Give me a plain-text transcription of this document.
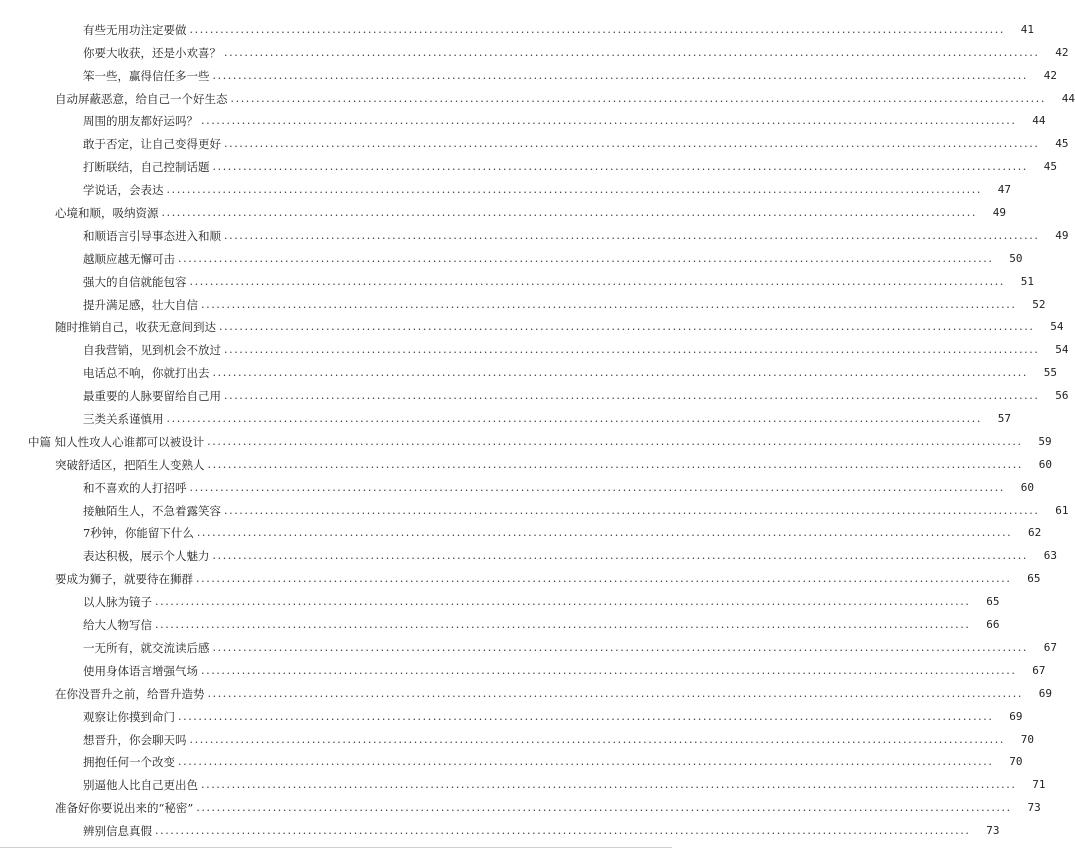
有些无用功注定要做 ................................................................................................................................................................	41
你要大收获，还是小欢喜？ ................................................................................................................................................................	42
笨一些，赢得信任多一些 ................................................................................................................................................................	42
自动屏蔽恶意，给自己一个好生态 ................................................................................................................................................................	44
周围的朋友都好运吗？ ................................................................................................................................................................	44
敢于否定，让自己变得更好 ................................................................................................................................................................	45
打断联结，自己控制话题 ................................................................................................................................................................	45
学说话，会表达 ................................................................................................................................................................	47
心境和顺，吸纳资源 ................................................................................................................................................................	49
和顺语言引导事态进入和顺 ................................................................................................................................................................	49
越顺应越无懈可击 ................................................................................................................................................................	50
强大的自信就能包容 ................................................................................................................................................................	51
提升满足感，壮大自信 ................................................................................................................................................................	52
随时推销自己，收获无意间到达 ................................................................................................................................................................	54
自我营销，见到机会不放过 ................................................................................................................................................................	54
电话总不响，你就打出去 ................................................................................................................................................................	55
最重要的人脉要留给自己用 ................................................................................................................................................................	56
三类关系谨慎用 ................................................................................................................................................................	57
中篇 知人性攻人心谁都可以被设计 ................................................................................................................................................................	59
突破舒适区，把陌生人变熟人 ................................................................................................................................................................	60
和不喜欢的人打招呼 ................................................................................................................................................................	60
接触陌生人，不急着露笑容 ................................................................................................................................................................	61
7秒钟，你能留下什么 ................................................................................................................................................................	62
表达积极，展示个人魅力 ................................................................................................................................................................	63
要成为狮子，就要待在狮群 ................................................................................................................................................................	65
以人脉为镜子 ................................................................................................................................................................	65
给大人物写信 ................................................................................................................................................................	66
一无所有，就交流读后感 ................................................................................................................................................................	67
使用身体语言增强气场 ................................................................................................................................................................	67
在你没晋升之前，给晋升造势 ................................................................................................................................................................	69
观察让你摸到命门 ................................................................................................................................................................	69
想晋升，你会聊天吗 ................................................................................................................................................................	70
拥抱任何一个改变 ................................................................................................................................................................	70
别逼他人比自己更出色 ................................................................................................................................................................	71
准备好你要说出来的“秘密” ................................................................................................................................................................	73
辨别信息真假 ................................................................................................................................................................	73
